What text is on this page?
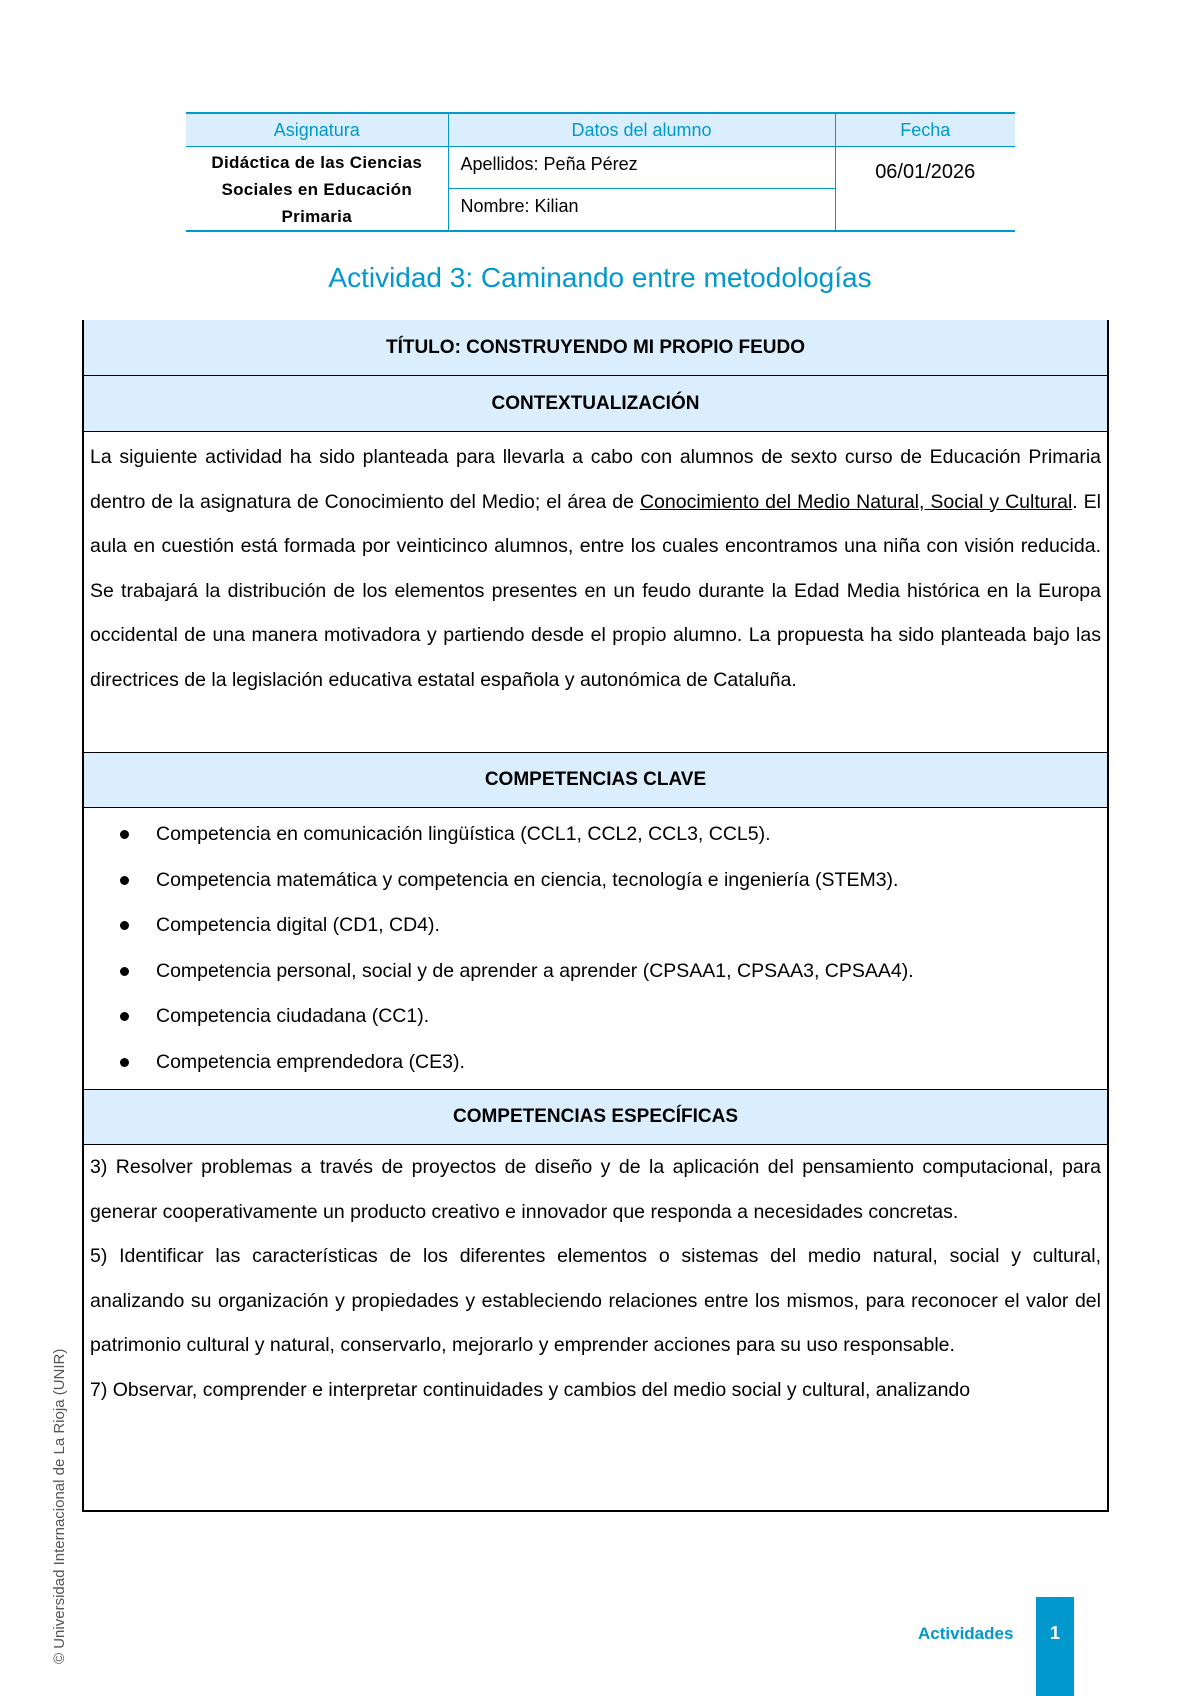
Asignatura	Datos del alumno	Fecha

Didáctica de las Ciencias
Sociales en Educación
Primaria	Apellidos: Peña Pérez	06/01/2026
	Nombre: Kilian	
Actividad 3: Caminando entre metodologías
TÍTULO: CONSTRUYENDO MI PROPIO FEUDO
CONTEXTUALIZACIÓN
La siguiente actividad ha sido planteada para llevarla a cabo con alumnos de sexto curso de Educación Primaria dentro de la asignatura de Conocimiento del Medio; el área de Conocimiento del Medio Natural, Social y Cultural. El aula en cuestión está formada por veinticinco alumnos, entre los cuales encontramos una niña con visión reducida. Se trabajará la distribución de los elementos presentes en un feudo durante la Edad Media histórica en la Europa occidental de una manera motivadora y partiendo desde el propio alumno. La propuesta ha sido planteada bajo las directrices de la legislación educativa estatal española y autonómica de Cataluña.
COMPETENCIAS CLAVE
Competencia en comunicación lingüística (CCL1, CCL2, CCL3, CCL5).
Competencia matemática y competencia en ciencia, tecnología e ingeniería (STEM3).
Competencia digital (CD1, CD4).
Competencia personal, social y de aprender a aprender (CPSAA1, CPSAA3, CPSAA4).
Competencia ciudadana (CC1).
Competencia emprendedora (CE3).
COMPETENCIAS ESPECÍFICAS
3) Resolver problemas a través de proyectos de diseño y de la aplicación del pensamiento computacional, para generar cooperativamente un producto creativo e innovador que responda a necesidades concretas.
5) Identificar las características de los diferentes elementos o sistemas del medio natural, social y cultural, analizando su organización y propiedades y estableciendo relaciones entre los mismos, para reconocer el valor del patrimonio cultural y natural, conservarlo, mejorarlo y emprender acciones para su uso responsable.
7) Observar, comprender e interpretar continuidades y cambios del medio social y cultural, analizando
© Universidad Internacional de La Rioja (UNIR)	Actividades	1
